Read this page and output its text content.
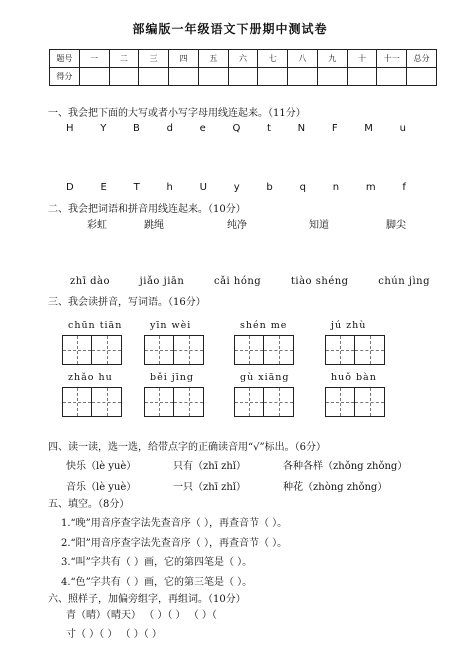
部编版一年级语文下册期中测试卷
题号	一	二	三	四	五	六	七	八	九	十	十一	总分
得分												
一、我会把下面的大写或者小写字母用线连起来。（11分）
H	Y	B	d	e	Q	t	N	F	M	u
D	E	T	h	U	y	b	q	n	m	f
二、我会把词语和拼音用线连起来。（10分）
彩虹	跳绳	纯净	知道	脚尖
zhī dào	jiǎo jiān	cǎi hóng	tiào shéng	chún jìng
三、我会读拼音，写词语。（16分）
chūn tiān	yīn wèi	shén me	jú zhù
zhǎo hu	běi jīng	gù xiāng	huǒ bàn
四、读一读，选一选，给带点字的正确读音用“√”标出。（6分）
快乐（lè yuè）	只有（zhī zhǐ）	各种各样（zhǒng zhǒng）
音乐（lè yuè）	一只（zhī zhǐ）	种花（zhòng zhǒng）
五、填空。（8分）
1.“晚”用音序查字法先查音序（ ），再查音节（ ）。
2.“阳”用音序查字法先查音序（ ），再查音节（ ）。
3.“叫”字共有（ ）画，它的第四笔是（ ）。
4.“色”字共有（ ）画，它的第三笔是（ ）。
六、照样子，加偏旁组字，再组词。（10分）
青（晴）（晴天） （ ）（ ） （ ）（
寸（ ）（ ） （ ）（ ）
